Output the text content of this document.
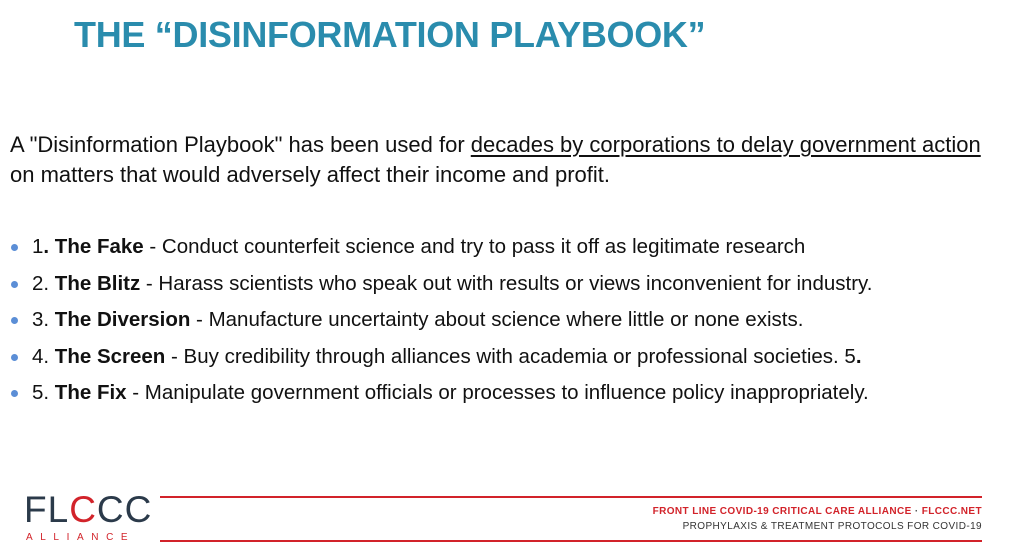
THE “DISINFORMATION PLAYBOOK”
A "Disinformation Playbook" has been used for decades by corporations to delay government action on matters that would adversely affect their income and profit.
1. The Fake - Conduct counterfeit science and try to pass it off as legitimate research
2. The Blitz - Harass scientists who speak out with results or views inconvenient for industry.
3. The Diversion - Manufacture uncertainty about science where little or none exists.
4. The Screen - Buy credibility through alliances with academia or professional societies. 5.
5. The Fix - Manipulate government officials or processes to influence policy inappropriately.
FLCCC
ALLIANCE
FRONT LINE COVID-19 CRITICAL CARE ALLIANCE · FLCCC.NET
PROPHYLAXIS & TREATMENT PROTOCOLS FOR COVID-19
